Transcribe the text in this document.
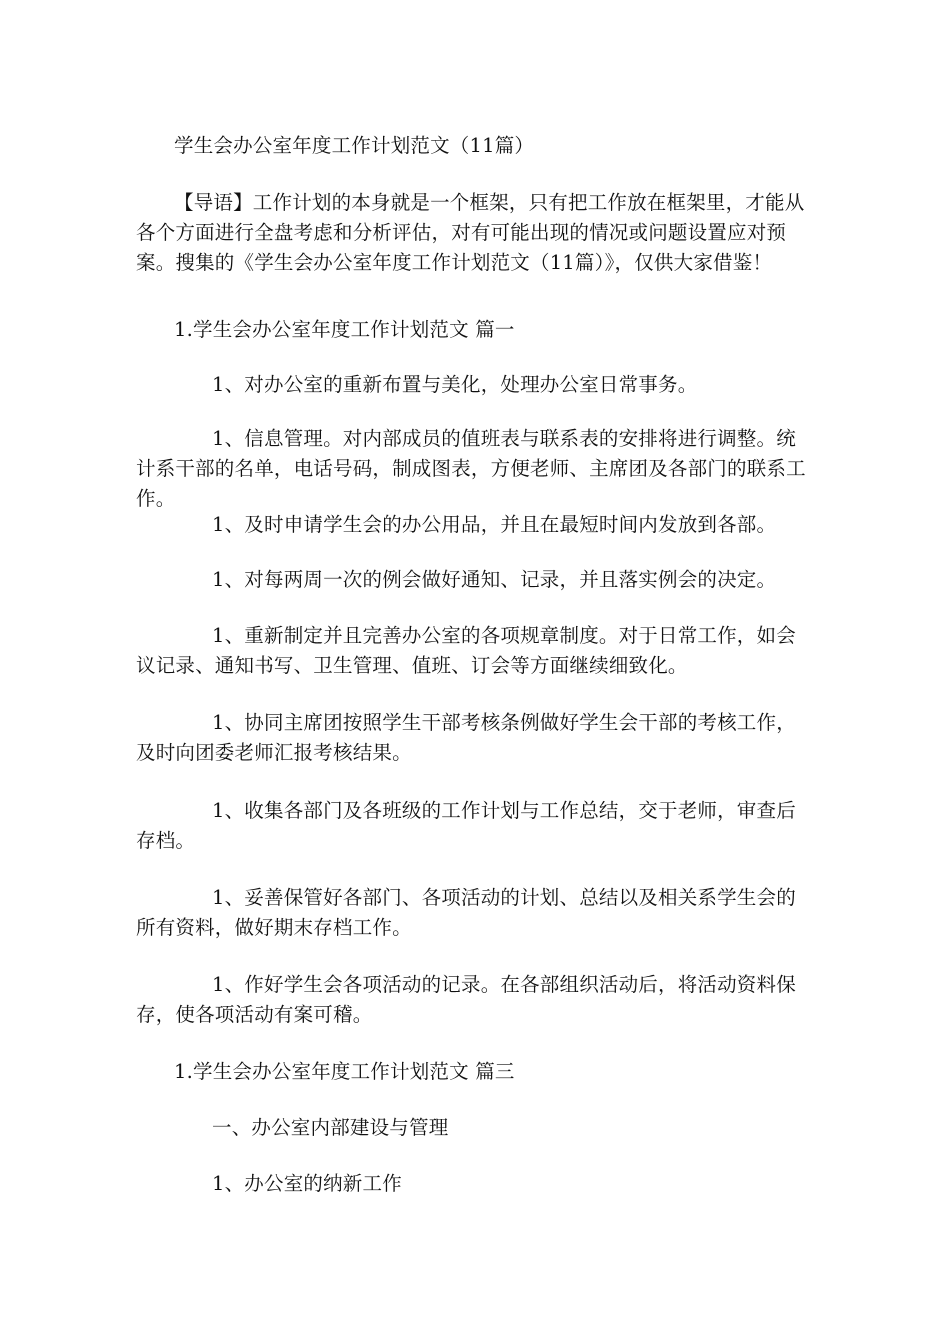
学生会办公室年度工作计划范文（11篇）
【导语】工作计划的本身就是一个框架，只有把工作放在框架里，才能从各个方面进行全盘考虑和分析评估，对有可能出现的情况或问题设置应对预案。搜集的《学生会办公室年度工作计划范文（11篇）》，仅供大家借鉴！
1.学生会办公室年度工作计划范文 篇一
1、对办公室的重新布置与美化，处理办公室日常事务。
1、信息管理。对内部成员的值班表与联系表的安排将进行调整。统计系干部的名单，电话号码，制成图表，方便老师、主席团及各部门的联系工作。
1、及时申请学生会的办公用品，并且在最短时间内发放到各部。
1、对每两周一次的例会做好通知、记录，并且落实例会的决定。
1、重新制定并且完善办公室的各项规章制度。对于日常工作，如会议记录、通知书写、卫生管理、值班、订会等方面继续细致化。
1、协同主席团按照学生干部考核条例做好学生会干部的考核工作，及时向团委老师汇报考核结果。
1、收集各部门及各班级的工作计划与工作总结，交于老师，审查后存档。
1、妥善保管好各部门、各项活动的计划、总结以及相关系学生会的所有资料，做好期末存档工作。
1、作好学生会各项活动的记录。在各部组织活动后，将活动资料保存，使各项活动有案可稽。
1.学生会办公室年度工作计划范文 篇三
一、办公室内部建设与管理
1、办公室的纳新工作
